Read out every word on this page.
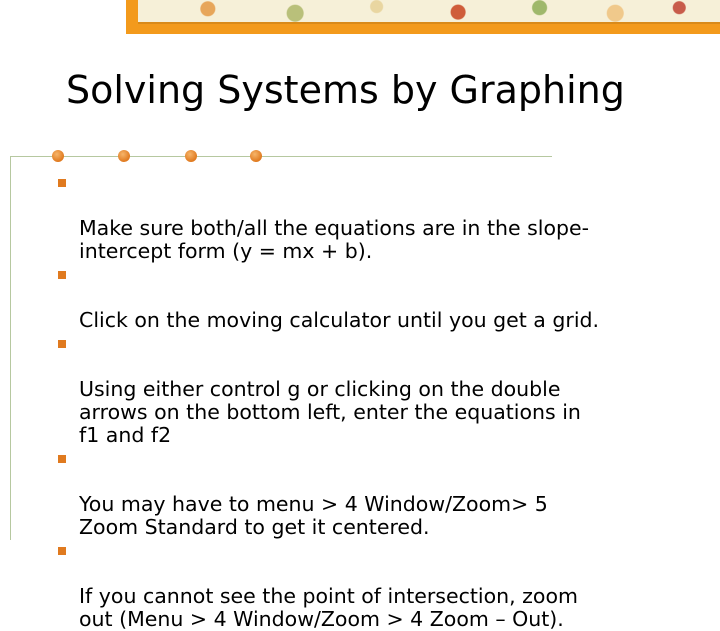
Solving Systems by Graphing

Make sure both/all the equations are in the slope-
intercept form (y = mx + b).

Click on the moving calculator until you get a grid.

Using either control g or clicking on the double
arrows on the bottom left, enter the equations in
f1 and f2

You may have to menu > 4 Window/Zoom> 5
Zoom Standard to get it centered.

If you cannot see the point of intersection, zoom
out (Menu > 4 Window/Zoom > 4 Zoom – Out).
